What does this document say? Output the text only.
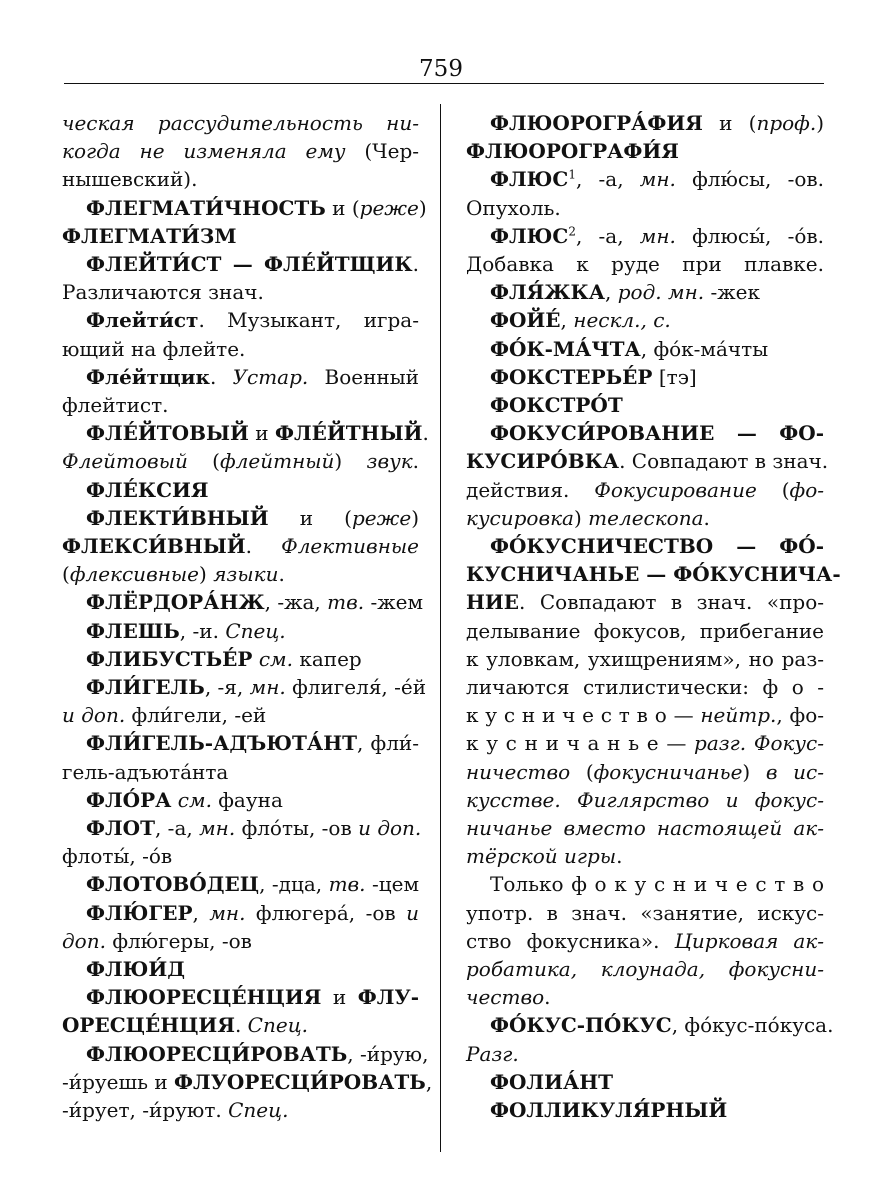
759
ческая рассудительность ни-
когда не изменяла ему (Чер-
нышевский).
ФЛЕГМАТИ́ЧНОСТЬ и (реже)
ФЛЕГМАТИ́ЗМ
ФЛЕЙТИ́СТ — ФЛЕ́ЙТЩИК.
Различаются знач.
Флейти́ст. Музыкант, игра-
ющий на флейте.
Фле́йтщик. Устар. Военный
флейтист.
ФЛЕ́ЙТОВЫЙ и ФЛЕ́ЙТНЫЙ.
Флейтовый (флейтный) звук.
ФЛЕ́КСИЯ
ФЛЕКТИ́ВНЫЙ и (реже)
ФЛЕКСИ́ВНЫЙ. Флективные
(флексивные) языки.
ФЛЁРДОРА́НЖ, -жа, тв. -жем
ФЛЕШЬ, -и. Спец.
ФЛИБУСТЬЕ́Р см. капер
ФЛИ́ГЕЛЬ, -я, мн. флигеля́, -е́й
и доп. фли́гели, -ей
ФЛИ́ГЕЛЬ-АДЪЮТА́НТ, фли́-
гель-адъюта́нта
ФЛО́РА см. фауна
ФЛОТ, -а, мн. фло́ты, -ов и доп.
флоты́, -о́в
ФЛОТОВО́ДЕЦ, -дца, тв. -цем
ФЛЮ́ГЕР, мн. флюгера́, -ов и
доп. флю́геры, -ов
ФЛЮИ́Д
ФЛЮОРЕСЦЕ́НЦИЯ и ФЛУ-
ОРЕСЦЕ́НЦИЯ. Спец.
ФЛЮОРЕСЦИ́РОВАТЬ, -и́рую,
-и́руешь и ФЛУОРЕСЦИ́РОВАТЬ,
-и́рует, -и́руют. Спец.
ФЛЮОРОГРА́ФИЯ и (проф.)
ФЛЮОРОГРАФИ́Я
ФЛЮС$^1$, -а, мн. флю́сы, -ов.
Опухоль.
ФЛЮС$^2$, -а, мн. флюсы́, -о́в.
Добавка к руде при плавке.
ФЛЯ́ЖКА, род. мн. -жек
ФОЙЕ́, нескл., с.
ФО́К-МА́ЧТА, фо́к-ма́чты
ФОКСТЕРЬЕ́Р [тэ]
ФОКСТРО́Т
ФОКУСИ́РОВАНИЕ — ФО-
КУСИРО́ВКА. Совпадают в знач.
действия. Фокусирование (фо-
кусировка) телескопа.
ФО́КУСНИЧЕСТВО — ФО́-
КУСНИЧАНЬЕ — ФО́КУСНИЧА-
НИЕ. Совпадают в знач. «про-
делывание фокусов, прибегание
к уловкам, ухищрениям», но раз-
личаются стилистически: ф о -
к у с н и ч е с т в о — нейтр., фо-
к у с н и ч а н ь е — разг. Фокус-
ничество (фокусничанье) в ис-
кусстве. Фиглярство и фокус-
ничанье вместо настоящей ак-
тёрской игры.
Только ф о к у с н и ч е с т в о
употр. в знач. «занятие, искус-
ство фокусника». Цирковая ак-
робатика, клоунада, фокусни-
чество.
ФО́КУС-ПО́КУС, фо́кус-по́куса.
Разг.
ФОЛИА́НТ
ФОЛЛИКУЛЯ́РНЫЙ
